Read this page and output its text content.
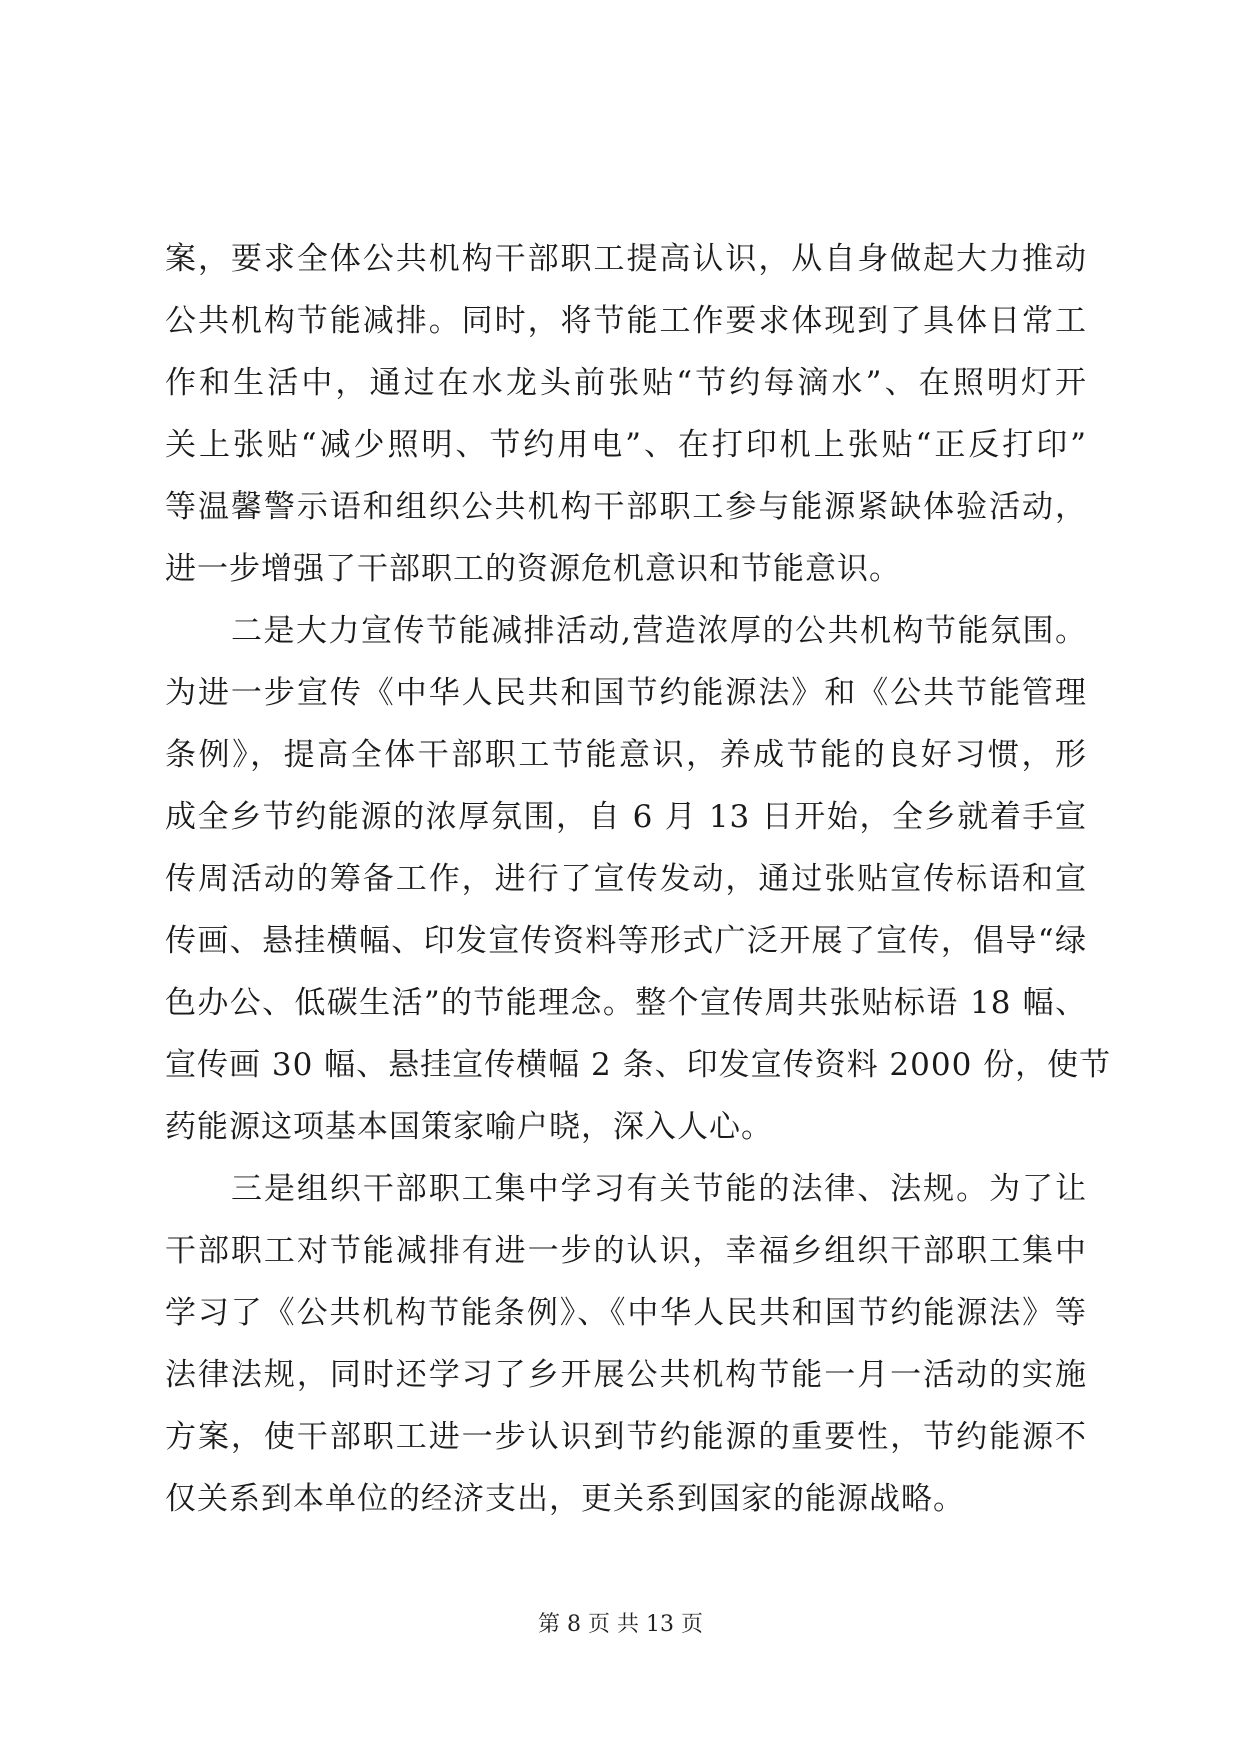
案，要求全体公共机构干部职工提高认识，从自身做起大力推动
公共机构节能减排。同时，将节能工作要求体现到了具体日常工
作和生活中，通过在水龙头前张贴“节约每滴水”、在照明灯开
关上张贴“减少照明、节约用电”、在打印机上张贴“正反打印”
等温馨警示语和组织公共机构干部职工参与能源紧缺体验活动，
进一步增强了干部职工的资源危机意识和节能意识。
二是大力宣传节能减排活动,营造浓厚的公共机构节能氛围。
为进一步宣传《中华人民共和国节约能源法》和《公共节能管理
条例》，提高全体干部职工节能意识，养成节能的良好习惯，形
成全乡节约能源的浓厚氛围，自 6 月 13 日开始，全乡就着手宣
传周活动的筹备工作，进行了宣传发动，通过张贴宣传标语和宣
传画、悬挂横幅、印发宣传资料等形式广泛开展了宣传，倡导“绿
色办公、低碳生活”的节能理念。整个宣传周共张贴标语 18 幅、
宣传画 30 幅、悬挂宣传横幅 2 条、印发宣传资料 2000 份，使节
药能源这项基本国策家喻户晓，深入人心。
三是组织干部职工集中学习有关节能的法律、法规。为了让
干部职工对节能减排有进一步的认识，幸福乡组织干部职工集中
学习了《公共机构节能条例》、《中华人民共和国节约能源法》等
法律法规，同时还学习了乡开展公共机构节能一月一活动的实施
方案，使干部职工进一步认识到节约能源的重要性，节约能源不
仅关系到本单位的经济支出，更关系到国家的能源战略。
第 8 页 共 13 页
